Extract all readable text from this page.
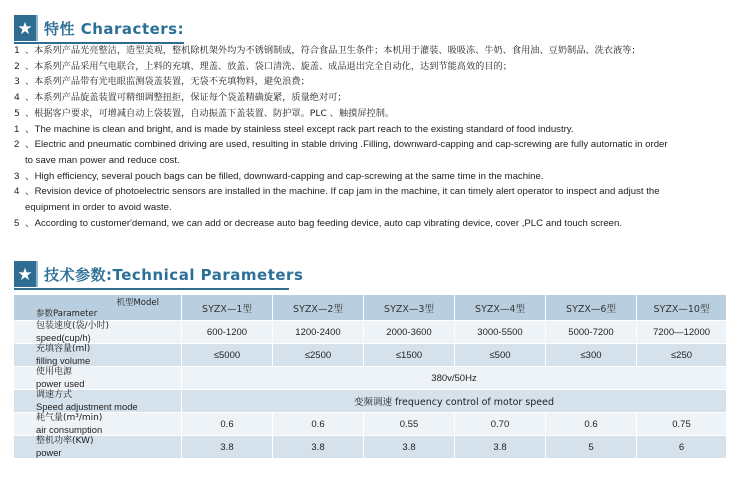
★ 特性 Characters:
1 、本系列产品光亮整洁，造型美观，整机除机架外均为不锈钢制成，符合食品卫生条件；本机用于灌装、吸吸冻、牛奶、食用油、豆奶制品、洗衣液等；
2 、本系列产品采用气电联合，上料的充填、理盖、放盖、袋口清洗、旋盖、成品退出完全自动化，达到节能高效的目的；
3 、本系列产品带有光电眼监测袋盖装置，无袋不充填物料，避免浪费；
4 、本系列产品旋盖装置可精细调整扭拒，保证每个袋盖精确旋紧，质量绝对可；
5 、根据客户要求，可增减自动上袋装置，自动振盖下盖装置、防护罩。PLC 、触摸屏控制。
1 、The machine is clean and bright, and is made by stainless steel except rack part reach to the existing standard of food industry.
2 、Electric and pneumatic combined driving are used, resulting in stable driving .Filling, downward-capping and cap-screwing are fully automatic in order
to save man power and reduce cost.
3 、High efficiency, several pouch bags can be filled, downward-capping and cap-screwing at the same time in the machine.
4 、Revision device of photoelectric sensors are installed in the machine. If cap jam in the machine, it can timely alert operator to inspect and adjust the
equipment in order to avoid waste.
5 、According to customer'demand, we can add or decrease auto bag feeding device, auto cap vibrating device, cover ,PLC and touch screen.
★ 技术参数:Technical Parameters
机型Model
参数Parameter	SYZX—1型	SYZX—2型	SYZX—3型	SYZX—4型	SYZX—6型	SYZX—10型

包装速度(袋/小时)
speed(cup/h)	600-1200	1200-2400	2000-3600	3000-5500	5000-7200	7200—12000

充填容量(ml)
filling volume	≤5000	≤2500	≤1500	≤500	≤300	≤250

使用电源
power used	380v/50Hz					

调速方式
Speed adjustment mode	变频调速 frequency control of motor speed					

耗气量(m³/min)
air consumption	0.6	0.6	0.55	0.70	0.6	0.75

整机功率(KW)
power	3.8	3.8	3.8	3.8	5	6
